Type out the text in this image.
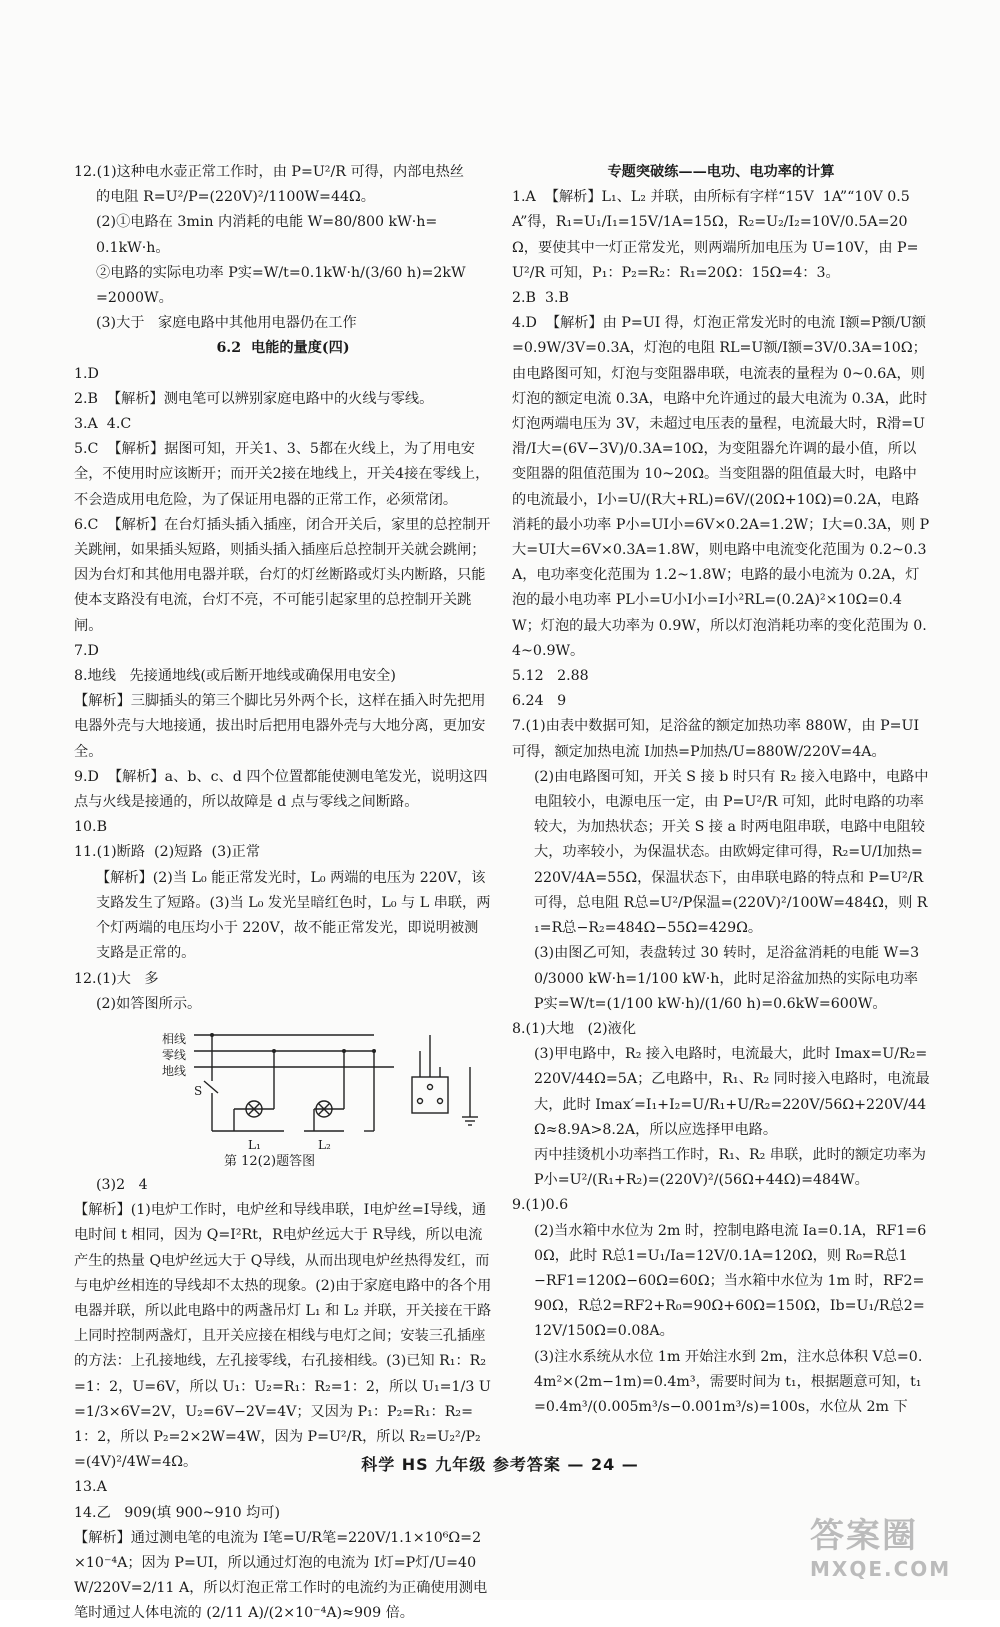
12.(1)这种电水壶正常工作时，由 P=U²/R 可得，内部电热丝

的电阻 R=U²/P=(220V)²/1100W=44Ω。

(2)①电路在 3min 内消耗的电能 W=80/800 kW·h=

0.1kW·h。

②电路的实际电功率 P实=W/t=0.1kW·h/(3/60 h)=2kW

=2000W。

(3)大于   家庭电路中其他用电器仍在工作

6.2  电能的量度(四)

1.D

2.B  【解析】测电笔可以辨别家庭电路中的火线与零线。

3.A  4.C

5.C  【解析】据图可知，开关1、3、5都在火线上，为了用电安全，不使用时应该断开；而开关2接在地线上，开关4接在零线上，不会造成用电危险，为了保证用电器的正常工作，必须常闭。

6.C  【解析】在台灯插头插入插座，闭合开关后，家里的总控制开关跳闸，如果插头短路，则插头插入插座后总控制开关就会跳闸；因为台灯和其他用电器并联，台灯的灯丝断路或灯头内断路，只能使本支路没有电流，台灯不亮，不可能引起家里的总控制开关跳闸。

7.D

8.地线   先接通地线(或后断开地线或确保用电安全)

【解析】三脚插头的第三个脚比另外两个长，这样在插入时先把用电器外壳与大地接通，拔出时后把用电器外壳与大地分离，更加安全。

9.D  【解析】a、b、c、d 四个位置都能使测电笔发光，说明这四点与火线是接通的，所以故障是 d 点与零线之间断路。

10.B

11.(1)断路  (2)短路  (3)正常

【解析】(2)当 L₀ 能正常发光时，L₀ 两端的电压为 220V，该支路发生了短路。(3)当 L₀ 发光呈暗红色时，L₀ 与 L 串联，两个灯两端的电压均小于 220V，故不能正常发光，即说明被测支路是正常的。

12.(1)大   多

(2)如答图所示。

相线
零线
地线
S
L₁	L₂
第 12(2)题答图

(3)2   4

【解析】(1)电炉工作时，电炉丝和导线串联，I电炉丝=I导线，通电时间 t 相同，因为 Q=I²Rt，R电炉丝远大于 R导线，所以电流产生的热量 Q电炉丝远大于 Q导线，从而出现电炉丝热得发红，而与电炉丝相连的导线却不太热的现象。(2)由于家庭电路中的各个用电器并联，所以此电路中的两盏吊灯 L₁ 和 L₂ 并联，开关接在干路上同时控制两盏灯，且开关应接在相线与电灯之间；安装三孔插座的方法：上孔接地线，左孔接零线，右孔接相线。(3)已知 R₁：R₂=1：2，U=6V，所以 U₁：U₂=R₁：R₂=1：2，所以 U₁=1/3 U=1/3×6V=2V，U₂=6V−2V=4V；又因为 P₁：P₂=R₁：R₂=1：2，所以 P₂=2×2W=4W，因为 P=U²/R，所以 R₂=U₂²/P₂=(4V)²/4W=4Ω。

13.A

14.乙   909(填 900~910 均可)

【解析】通过测电笔的电流为 I笔=U/R笔=220V/1.1×10⁶Ω=2×10⁻⁴A；因为 P=UI，所以通过灯泡的电流为 I灯=P灯/U=40W/220V=2/11 A，所以灯泡正常工作时的电流约为正确使用测电笔时通过人体电流的 (2/11 A)/(2×10⁻⁴A)≈909 倍。

专题突破练——电功、电功率的计算

1.A  【解析】L₁、L₂ 并联，由所标有字样“15V  1A”“10V 0.5A”得，R₁=U₁/I₁=15V/1A=15Ω，R₂=U₂/I₂=10V/0.5A=20Ω，要使其中一灯正常发光，则两端所加电压为 U=10V，由 P=U²/R 可知，P₁：P₂=R₂：R₁=20Ω：15Ω=4：3。

2.B  3.B

4.D  【解析】由 P=UI 得，灯泡正常发光时的电流 I额=P额/U额=0.9W/3V=0.3A，灯泡的电阻 RL=U额/I额=3V/0.3A=10Ω；由电路图可知，灯泡与变阻器串联，电流表的量程为 0~0.6A，则灯泡的额定电流 0.3A，电路中允许通过的最大电流为 0.3A，此时灯泡两端电压为 3V，未超过电压表的量程，电流最大时，R滑=U滑/I大=(6V−3V)/0.3A=10Ω，为变阻器允许调的最小值，所以变阻器的阻值范围为 10~20Ω。当变阻器的阻值最大时，电路中的电流最小，I小=U/(R大+RL)=6V/(20Ω+10Ω)=0.2A，电路消耗的最小功率 P小=UI小=6V×0.2A=1.2W；I大=0.3A，则 P大=UI大=6V×0.3A=1.8W，则电路中电流变化范围为 0.2~0.3A，电功率变化范围为 1.2~1.8W；电路的最小电流为 0.2A，灯泡的最小电功率 PL小=U小I小=I小²RL=(0.2A)²×10Ω=0.4W；灯泡的最大功率为 0.9W，所以灯泡消耗功率的变化范围为 0.4~0.9W。

5.12   2.88

6.24   9

7.(1)由表中数据可知，足浴盆的额定加热功率 880W，由 P=UI 可得，额定加热电流 I加热=P加热/U=880W/220V=4A。

(2)由电路图可知，开关 S 接 b 时只有 R₂ 接入电路中，电路中电阻较小，电源电压一定，由 P=U²/R 可知，此时电路的功率较大，为加热状态；开关 S 接 a 时两电阻串联，电路中电阻较大，功率较小，为保温状态。由欧姆定律可得，R₂=U/I加热=220V/4A=55Ω，保温状态下，由串联电路的特点和 P=U²/R 可得，总电阻 R总=U²/P保温=(220V)²/100W=484Ω，则 R₁=R总−R₂=484Ω−55Ω=429Ω。

(3)由图乙可知，表盘转过 30 转时，足浴盆消耗的电能 W=30/3000 kW·h=1/100 kW·h，此时足浴盆加热的实际电功率 P实=W/t=(1/100 kW·h)/(1/60 h)=0.6kW=600W。

8.(1)大地   (2)液化

(3)甲电路中，R₂ 接入电路时，电流最大，此时 Imax=U/R₂=220V/44Ω=5A；乙电路中，R₁、R₂ 同时接入电路时，电流最大，此时 Imax′=I₁+I₂=U/R₁+U/R₂=220V/56Ω+220V/44Ω≈8.9A>8.2A，所以应选择甲电路。

丙中挂烫机小功率挡工作时，R₁、R₂ 串联，此时的额定功率为 P小=U²/(R₁+R₂)=(220V)²/(56Ω+44Ω)=484W。

9.(1)0.6

(2)当水箱中水位为 2m 时，控制电路电流 Ia=0.1A，RF1=60Ω，此时 R总1=U₁/Ia=12V/0.1A=120Ω，则 R₀=R总1−RF1=120Ω−60Ω=60Ω；当水箱中水位为 1m 时，RF2=90Ω，R总2=RF2+R₀=90Ω+60Ω=150Ω，Ib=U₁/R总2=12V/150Ω=0.08A。

(3)注水系统从水位 1m 开始注水到 2m，注水总体积 V总=0.4m²×(2m−1m)=0.4m³，需要时间为 t₁，根据题意可知，t₁=0.4m³/(0.005m³/s−0.001m³/s)=100s，水位从 2m 下

科学 HS 九年级 参考答案 — 24 —
答案圈
MXQE.COM
